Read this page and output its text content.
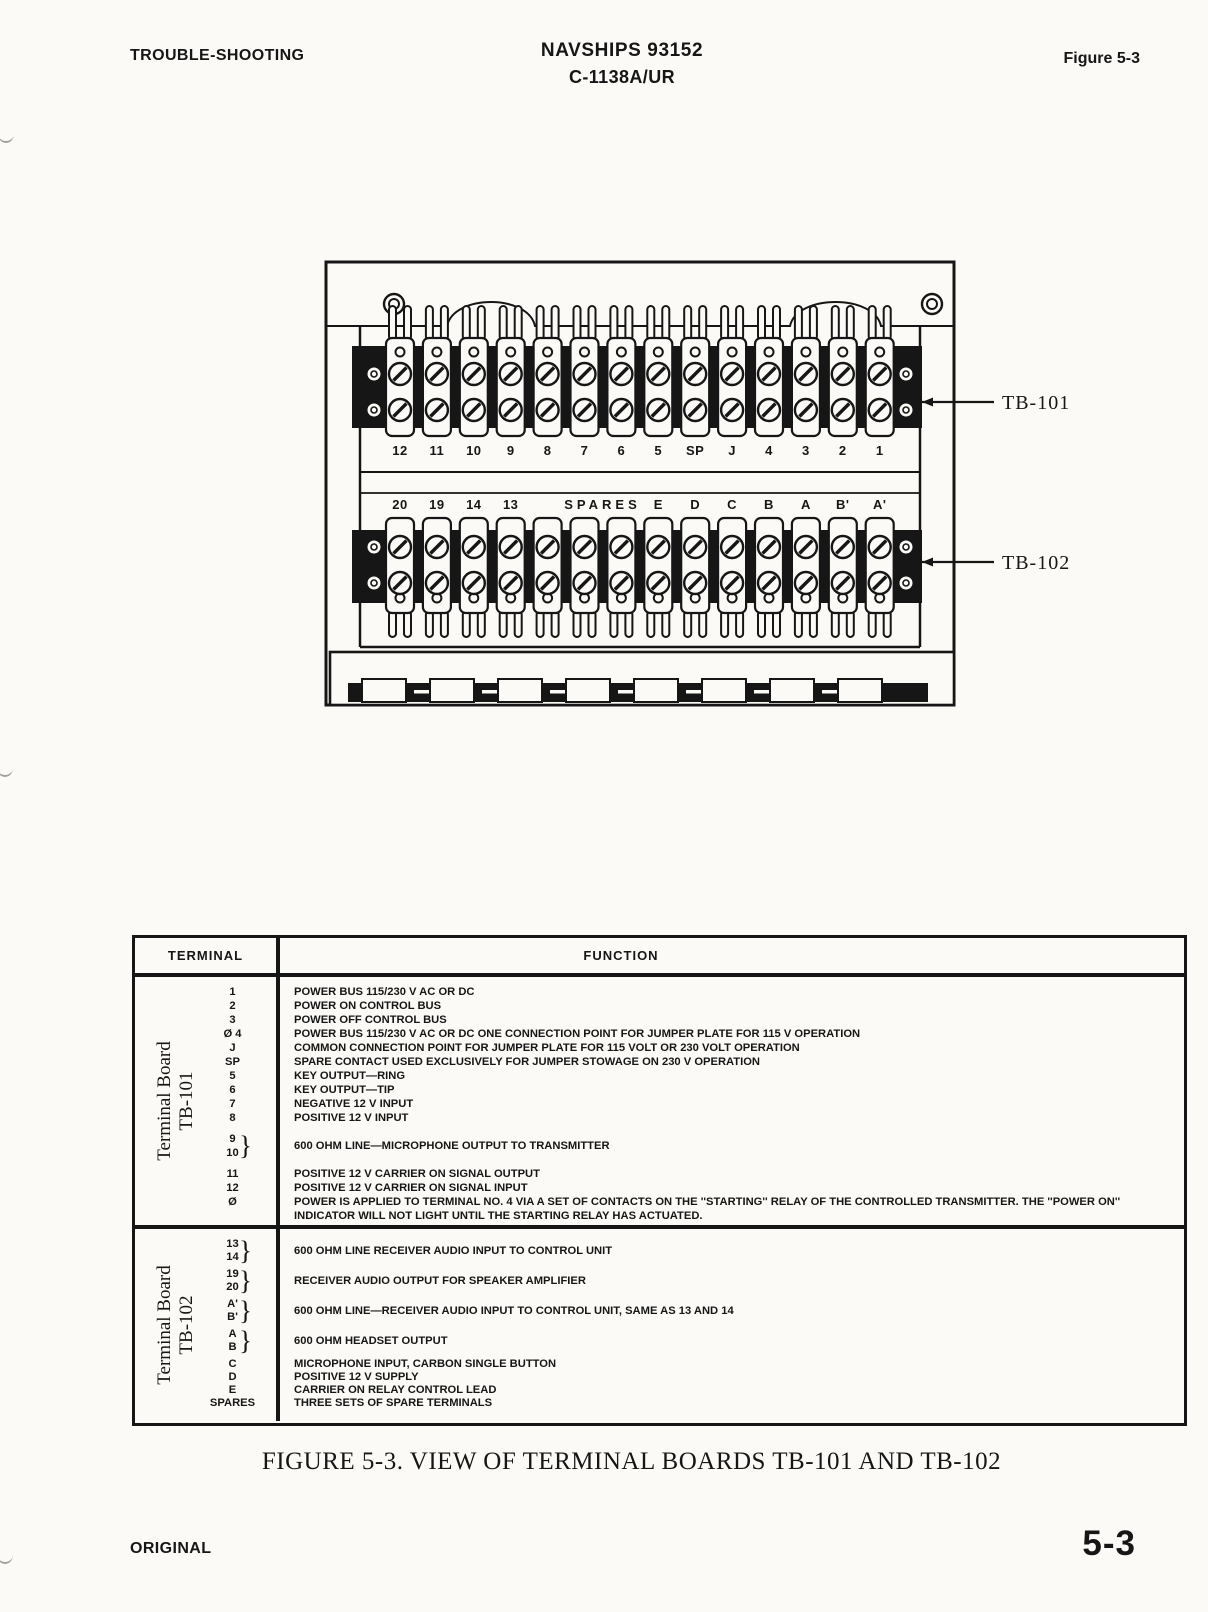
TROUBLE-SHOOTING	NAVSHIPS 93152
C-1138A/UR
Figure 5-3
12 11 10 9 8 7 6 5 SP J 4 3 2 1
20 19 14 13	SPARES E D C B A B' A'
TB-101
TB-102
TERMINAL	FUNCTION
Terminal Board TB-101
1	POWER BUS 115/230 V AC OR DC
2	POWER ON CONTROL BUS
3	POWER OFF CONTROL BUS
Ø 4	POWER BUS 115/230 V AC OR DC ONE CONNECTION POINT FOR JUMPER PLATE FOR 115 V OPERATION
J	COMMON CONNECTION POINT FOR JUMPER PLATE FOR 115 VOLT OR 230 VOLT OPERATION
SP	SPARE CONTACT USED EXCLUSIVELY FOR JUMPER STOWAGE ON 230 V OPERATION
5	KEY OUTPUT—RING
6	KEY OUTPUT—TIP
7	NEGATIVE 12 V INPUT
8	POSITIVE 12 V INPUT
9
10 }	600 OHM LINE—MICROPHONE OUTPUT TO TRANSMITTER
11	POSITIVE 12 V CARRIER ON SIGNAL OUTPUT
12	POSITIVE 12 V CARRIER ON SIGNAL INPUT
Ø	POWER IS APPLIED TO TERMINAL NO. 4 VIA A SET OF CONTACTS ON THE ''STARTING'' RELAY OF THE CONTROLLED TRANSMITTER. THE ''POWER ON'' INDICATOR WILL NOT LIGHT UNTIL THE STARTING RELAY HAS ACTUATED.
Terminal Board TB-102
13
14 }	600 OHM LINE RECEIVER AUDIO INPUT TO CONTROL UNIT
19
20 }	RECEIVER AUDIO OUTPUT FOR SPEAKER AMPLIFIER
A'
B' }	600 OHM LINE—RECEIVER AUDIO INPUT TO CONTROL UNIT, SAME AS 13 AND 14
A
B }	600 OHM HEADSET OUTPUT
C	MICROPHONE INPUT, CARBON SINGLE BUTTON
D	POSITIVE 12 V SUPPLY
E	CARRIER ON RELAY CONTROL LEAD
SPARES	THREE SETS OF SPARE TERMINALS
FIGURE 5-3. VIEW OF TERMINAL BOARDS TB-101 AND TB-102
ORIGINAL	5-3
